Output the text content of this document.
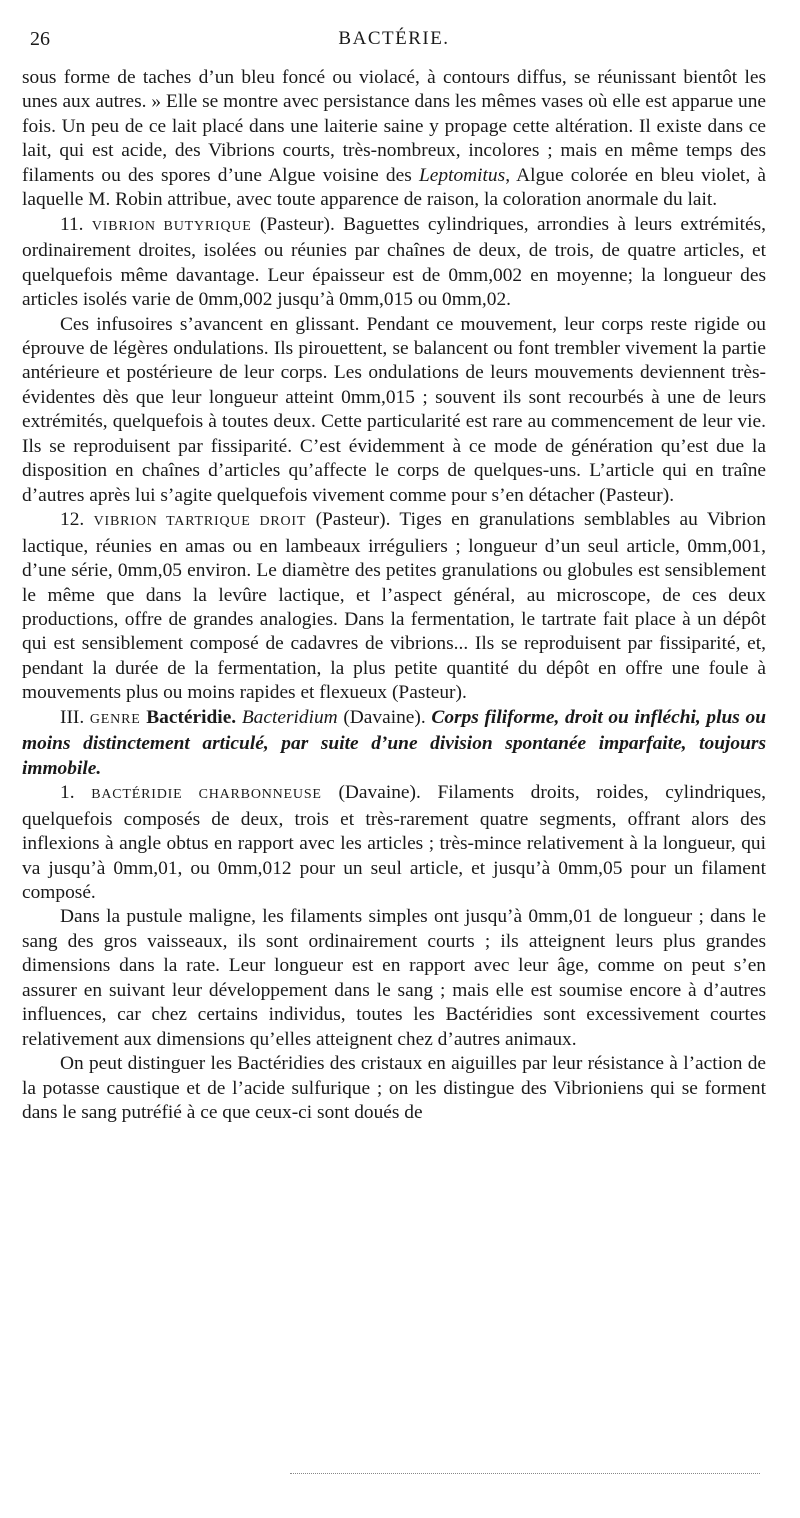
26	BACTÉRIE.

sous forme de taches d’un bleu foncé ou violacé, à contours diffus, se réunissant bientôt les unes aux autres. » Elle se montre avec persistance dans les mêmes vases où elle est apparue une fois. Un peu de ce lait placé dans une laiterie saine y propage cette altération. Il existe dans ce lait, qui est acide, des Vibrions courts, très-nombreux, incolores ; mais en même temps des filaments ou des spores d’une Algue voisine des Leptomitus, Algue colorée en bleu violet, à laquelle M. Robin attribue, avec toute apparence de raison, la coloration anormale du lait.

11. VIBRION BUTYRIQUE (Pasteur). Baguettes cylindriques, arrondies à leurs extrémités, ordinairement droites, isolées ou réunies par chaînes de deux, de trois, de quatre articles, et quelquefois même davantage. Leur épaisseur est de 0mm,002 en moyenne; la longueur des articles isolés varie de 0mm,002 jusqu’à 0mm,015 ou 0mm,02.

Ces infusoires s’avancent en glissant. Pendant ce mouvement, leur corps reste rigide ou éprouve de légères ondulations. Ils pirouettent, se balancent ou font trembler vivement la partie antérieure et postérieure de leur corps. Les ondulations de leurs mouvements deviennent très-évidentes dès que leur longueur atteint 0mm,015 ; souvent ils sont recourbés à une de leurs extrémités, quelquefois à toutes deux. Cette particularité est rare au commencement de leur vie. Ils se reproduisent par fissiparité. C’est évidemment à ce mode de génération qu’est due la disposition en chaînes d’articles qu’affecte le corps de quelques-uns. L’article qui en traîne d’autres après lui s’agite quelquefois vivement comme pour s’en détacher (Pasteur).

12. VIBRION TARTRIQUE DROIT (Pasteur). Tiges en granulations semblables au Vibrion lactique, réunies en amas ou en lambeaux irréguliers ; longueur d’un seul article, 0mm,001, d’une série, 0mm,05 environ. Le diamètre des petites granulations ou globules est sensiblement le même que dans la levûre lactique, et l’aspect général, au microscope, de ces deux productions, offre de grandes analogies. Dans la fermentation, le tartrate fait place à un dépôt qui est sensiblement composé de cadavres de vibrions... Ils se reproduisent par fissiparité, et, pendant la durée de la fermentation, la plus petite quantité du dépôt en offre une foule à mouvements plus ou moins rapides et flexueux (Pasteur).

III. GENRE Bactéridie. Bacteridium (Davaine). Corps filiforme, droit ou infléchi, plus ou moins distinctement articulé, par suite d’une division spontanée imparfaite, toujours immobile.

1. BACTÉRIDIE CHARBONNEUSE (Davaine). Filaments droits, roides, cylindriques, quelquefois composés de deux, trois et très-rarement quatre segments, offrant alors des inflexions à angle obtus en rapport avec les articles ; très-mince relativement à la longueur, qui va jusqu’à 0mm,01, ou 0mm,012 pour un seul article, et jusqu’à 0mm,05 pour un filament composé.

Dans la pustule maligne, les filaments simples ont jusqu’à 0mm,01 de longueur ; dans le sang des gros vaisseaux, ils sont ordinairement courts ; ils atteignent leurs plus grandes dimensions dans la rate. Leur longueur est en rapport avec leur âge, comme on peut s’en assurer en suivant leur développement dans le sang ; mais elle est soumise encore à d’autres influences, car chez certains individus, toutes les Bactéridies sont excessivement courtes relativement aux dimensions qu’elles atteignent chez d’autres animaux.

On peut distinguer les Bactéridies des cristaux en aiguilles par leur résistance à l’action de la potasse caustique et de l’acide sulfurique ; on les distingue des Vibrioniens qui se forment dans le sang putréfié à ce que ceux-ci sont doués de
